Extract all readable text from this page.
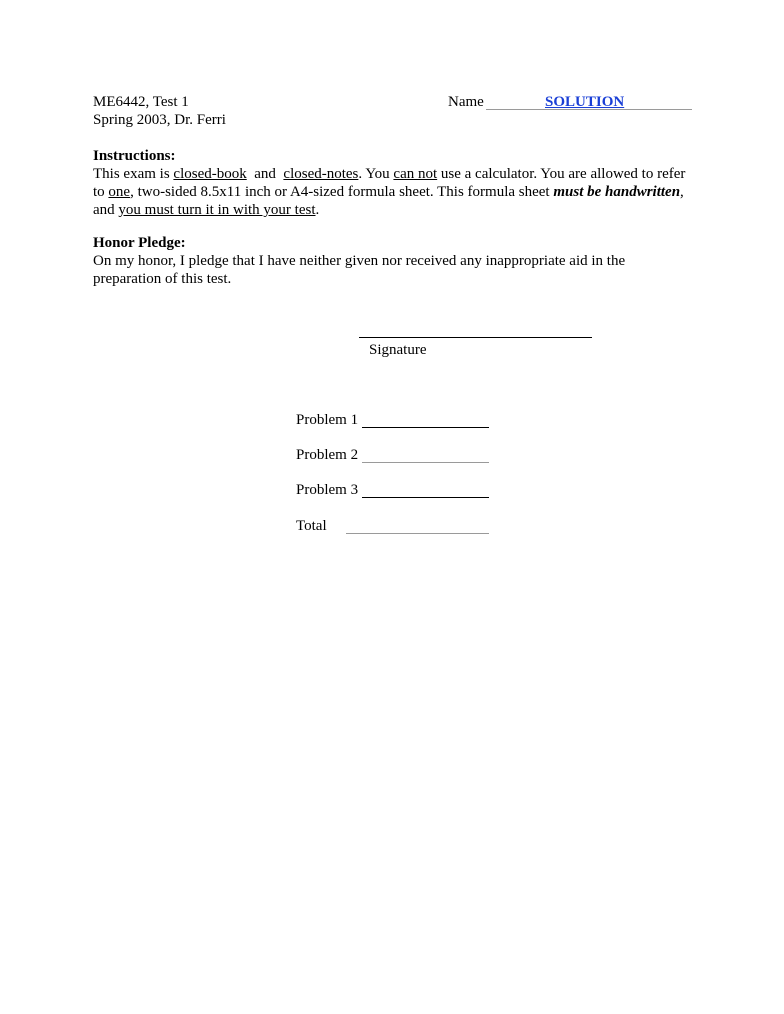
ME6442, Test 1
Spring 2003, Dr. Ferri
Name	SOLUTION
Instructions:
This exam is closed-book  and  closed-notes. You can not use a calculator. You are allowed to refer
to one, two-sided 8.5x11 inch or A4-sized formula sheet. This formula sheet must be handwritten,
and you must turn it in with your test.
Honor Pledge:
On my honor, I pledge that I have neither given nor received any inappropriate aid in the
preparation of this test.
Signature
Problem 1
Problem 2
Problem 3
Total
